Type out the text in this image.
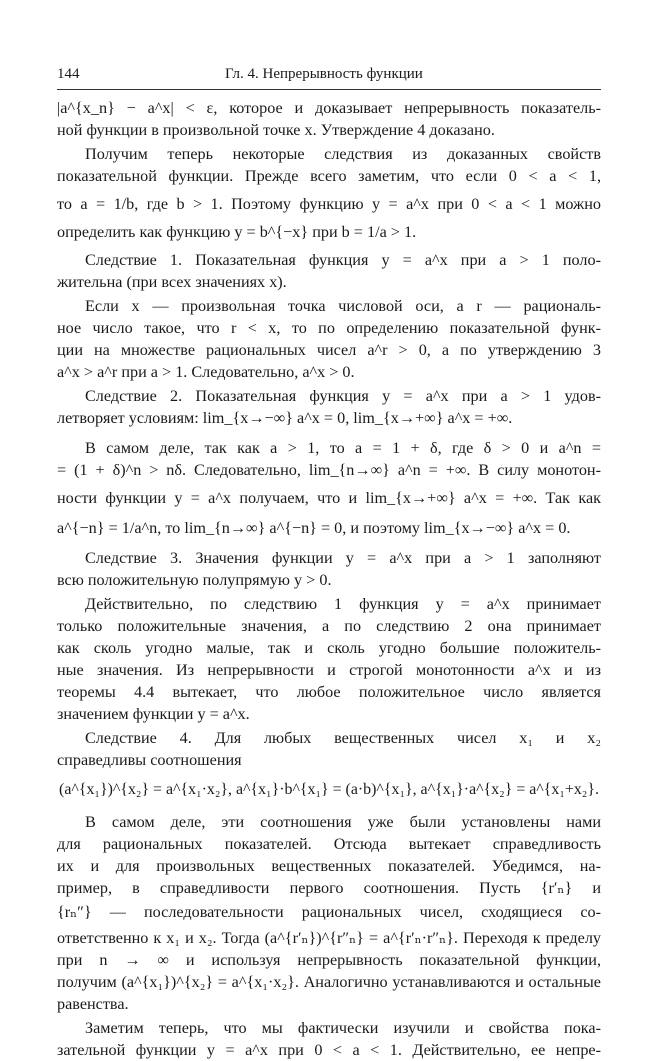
144	Гл. 4. Непрерывность функции
|a^{x_n} − a^x| < ε, которое и доказывает непрерывность показатель-
ной функции в произвольной точке x. Утверждение 4 доказано.
Получим теперь некоторые следствия из доказанных свойств
показательной функции. Прежде всего заметим, что если 0 < a < 1,
то a = 1/b, где b > 1. Поэтому функцию y = a^x при 0 < a < 1 можно
определить как функцию y = b^{−x} при b = 1/a > 1.
Следствие 1. Показательная функция y = a^x при a > 1 поло-
жительна (при всех значениях x).
Если x — произвольная точка числовой оси, а r — рациональ-
ное число такое, что r < x, то по определению показательной функ-
ции на множестве рациональных чисел a^r > 0, а по утверждению 3
a^x > a^r при a > 1. Следовательно, a^x > 0.
Следствие 2. Показательная функция y = a^x при a > 1 удов-
летворяет условиям: lim_{x→−∞} a^x = 0, lim_{x→+∞} a^x = +∞.
В самом деле, так как a > 1, то a = 1 + δ, где δ > 0 и a^n =
= (1 + δ)^n > nδ. Следовательно, lim_{n→∞} a^n = +∞. В силу монотон-
ности функции y = a^x получаем, что и lim_{x→+∞} a^x = +∞. Так как
a^{−n} = 1/a^n, то lim_{n→∞} a^{−n} = 0, и поэтому lim_{x→−∞} a^x = 0.
Следствие 3. Значения функции y = a^x при a > 1 заполняют
всю положительную полупрямую y > 0.
Действительно, по следствию 1 функция y = a^x принимает
только положительные значения, а по следствию 2 она принимает
как сколь угодно малые, так и сколь угодно большие положитель-
ные значения. Из непрерывности и строгой монотонности a^x и из
теоремы 4.4 вытекает, что любое положительное число является
значением функции y = a^x.
Следствие 4. Для любых вещественных чисел x₁ и x₂
справедливы соотношения
(a^{x₁})^{x₂} = a^{x₁·x₂}, a^{x₁}·b^{x₁} = (a·b)^{x₁}, a^{x₁}·a^{x₂} = a^{x₁+x₂}.
В самом деле, эти соотношения уже были установлены нами
для рациональных показателей. Отсюда вытекает справедливость
их и для произвольных вещественных показателей. Убедимся, на-
пример, в справедливости первого соотношения. Пусть {r′ₙ} и
{rₙ″} — последовательности рациональных чисел, сходящиеся со-
ответственно к x₁ и x₂. Тогда (a^{r′ₙ})^{r″ₙ} = a^{r′ₙ·r″ₙ}. Переходя к пределу
при n → ∞ и используя непрерывность показательной функции,
получим (a^{x₁})^{x₂} = a^{x₁·x₂}. Аналогично устанавливаются и остальные
равенства.
Заметим теперь, что мы фактически изучили и свойства пока-
зательной функции y = a^x при 0 < a < 1. Действительно, ее непре-
